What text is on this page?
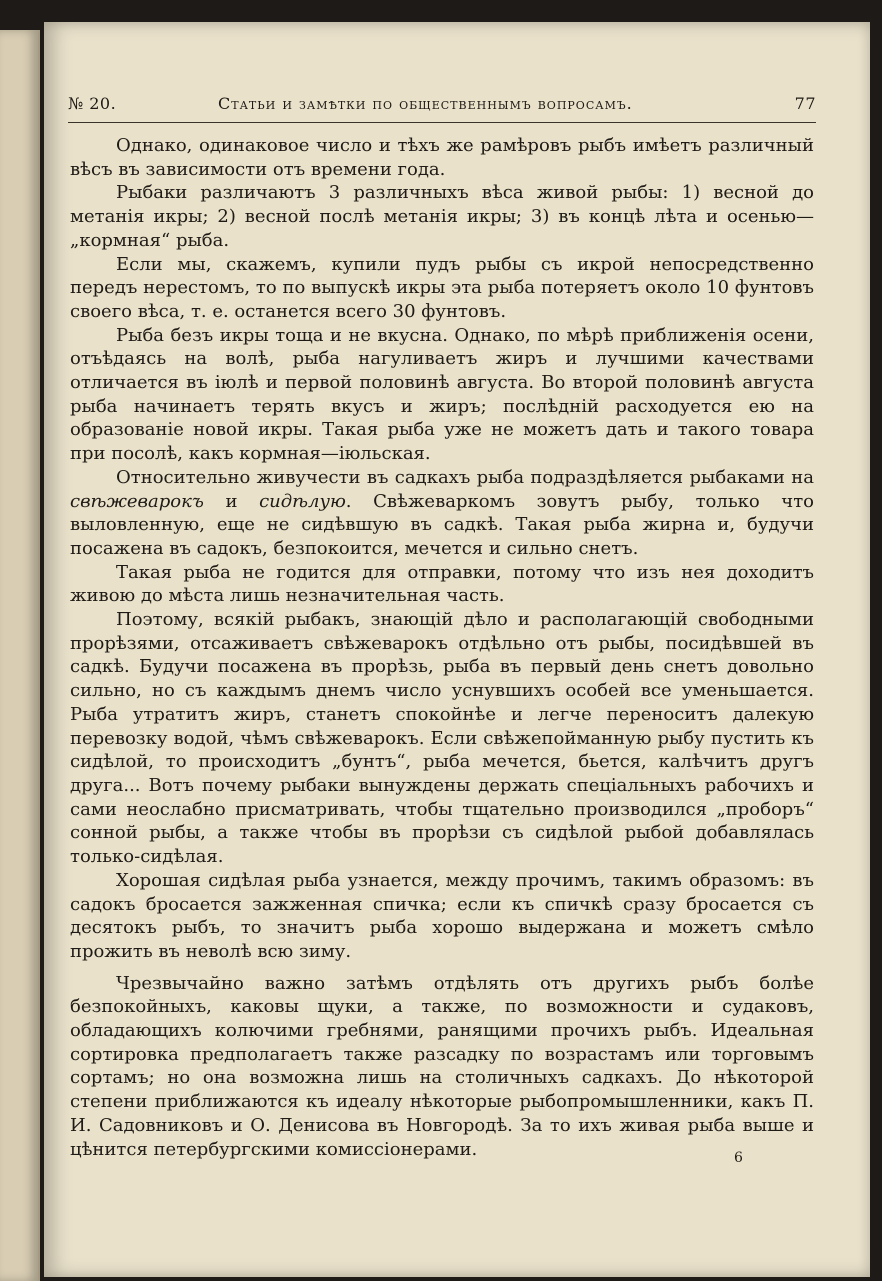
№ 20.	Статьи и замѣтки по общественнымъ вопросамъ.	77

Однако, одинаковое число и тѣхъ же рамѣровъ рыбъ имѣетъ различный вѣсъ въ зависимости отъ времени года.

Рыбаки различаютъ 3 различныхъ вѣса живой рыбы: 1) весной до метанія икры; 2) весной послѣ метанія икры; 3) въ концѣ лѣта и осенью—„кормная“ рыба.

Если мы, скажемъ, купили пудъ рыбы съ икрой непосредственно передъ нерестомъ, то по выпускѣ икры эта рыба потеряетъ около 10 фунтовъ своего вѣса, т. е. останется всего 30 фунтовъ.

Рыба безъ икры тоща и не вкусна. Однако, по мѣрѣ приближенія осени, отъѣдаясь на волѣ, рыба нагуливаетъ жиръ и лучшими качествами отличается въ іюлѣ и первой половинѣ августа. Во второй половинѣ августа рыба начинаетъ терять вкусъ и жиръ; послѣдній расходуется ею на образованіе новой икры. Такая рыба уже не можетъ дать и такого товара при посолѣ, какъ кормная—іюльская.

Относительно живучести въ садкахъ рыба подраздѣляется рыбаками на свѣжеварокъ и сидѣлую. Свѣжеваркомъ зовутъ рыбу, только что выловленную, еще не сидѣвшую въ садкѣ. Такая рыба жирна и, будучи посажена въ садокъ, безпокоится, мечется и сильно снетъ.

Такая рыба не годится для отправки, потому что изъ нея доходитъ живою до мѣста лишь незначительная часть.

Поэтому, всякій рыбакъ, знающій дѣло и располагающій свободными прорѣзями, отсаживаетъ свѣжеварокъ отдѣльно отъ рыбы, посидѣвшей въ садкѣ. Будучи посажена въ прорѣзь, рыба въ первый день снетъ довольно сильно, но съ каждымъ днемъ число уснувшихъ особей все уменьшается. Рыба утратитъ жиръ, станетъ спокойнѣе и легче переноситъ далекую перевозку водой, чѣмъ свѣжеварокъ. Если свѣжепойманную рыбу пустить къ сидѣлой, то происходитъ „бунтъ“, рыба мечется, бьется, калѣчитъ другъ друга... Вотъ почему рыбаки вынуждены держать спеціальныхъ рабочихъ и сами неослабно присматривать, чтобы тщательно производился „проборъ“ сонной рыбы, а также чтобы въ прорѣзи съ сидѣлой рыбой добавлялась только-сидѣлая.

Хорошая сидѣлая рыба узнается, между прочимъ, такимъ образомъ: въ садокъ бросается зажженная спичка; если къ спичкѣ сразу бросается съ десятокъ рыбъ, то значитъ рыба хорошо выдержана и можетъ смѣло прожить въ неволѣ всю зиму.

Чрезвычайно важно затѣмъ отдѣлять отъ другихъ рыбъ болѣе безпокойныхъ, каковы щуки, а также, по возможности и судаковъ, обладающихъ колючими гребнями, ранящими прочихъ рыбъ. Идеальная сортировка предполагаетъ также разсадку по возрастамъ или торговымъ сортамъ; но она возможна лишь на столичныхъ садкахъ. До нѣкоторой степени приближаются къ идеалу нѣкоторые рыбопромышленники, какъ П. И. Садовниковъ и О. Денисова въ Новгородѣ. За то ихъ живая рыба выше и цѣнится петербургскими комиссіонерами.	6
